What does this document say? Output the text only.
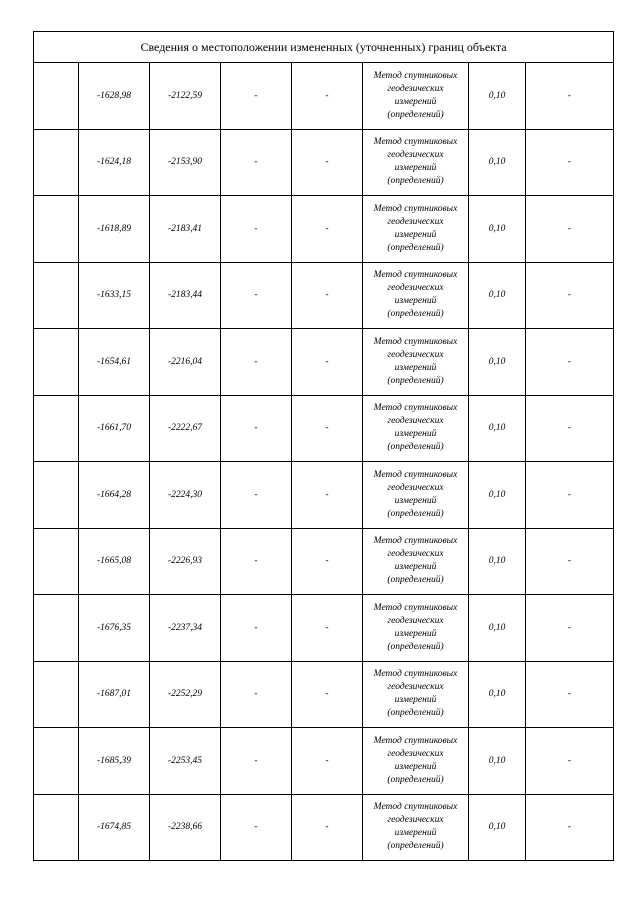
Сведения о местоположении измененных (уточненных) границ объекта							
	-1628,98	-2122,59	-	-	Метод спутниковых
геодезических
измерений
(определений)	0,10	-
	-1624,18	-2153,90	-	-	Метод спутниковых
геодезических
измерений
(определений)	0,10	-
	-1618,89	-2183,41	-	-	Метод спутниковых
геодезических
измерений
(определений)	0,10	-
	-1633,15	-2183,44	-	-	Метод спутниковых
геодезических
измерений
(определений)	0,10	-
	-1654,61	-2216,04	-	-	Метод спутниковых
геодезических
измерений
(определений)	0,10	-
	-1661,70	-2222,67	-	-	Метод спутниковых
геодезических
измерений
(определений)	0,10	-
	-1664,28	-2224,30	-	-	Метод спутниковых
геодезических
измерений
(определений)	0,10	-
	-1665,08	-2226,93	-	-	Метод спутниковых
геодезических
измерений
(определений)	0,10	-
	-1676,35	-2237,34	-	-	Метод спутниковых
геодезических
измерений
(определений)	0,10	-
	-1687,01	-2252,29	-	-	Метод спутниковых
геодезических
измерений
(определений)	0,10	-
	-1685,39	-2253,45	-	-	Метод спутниковых
геодезических
измерений
(определений)	0,10	-
	-1674,85	-2238,66	-	-	Метод спутниковых
геодезических
измерений
(определений)	0,10	-
